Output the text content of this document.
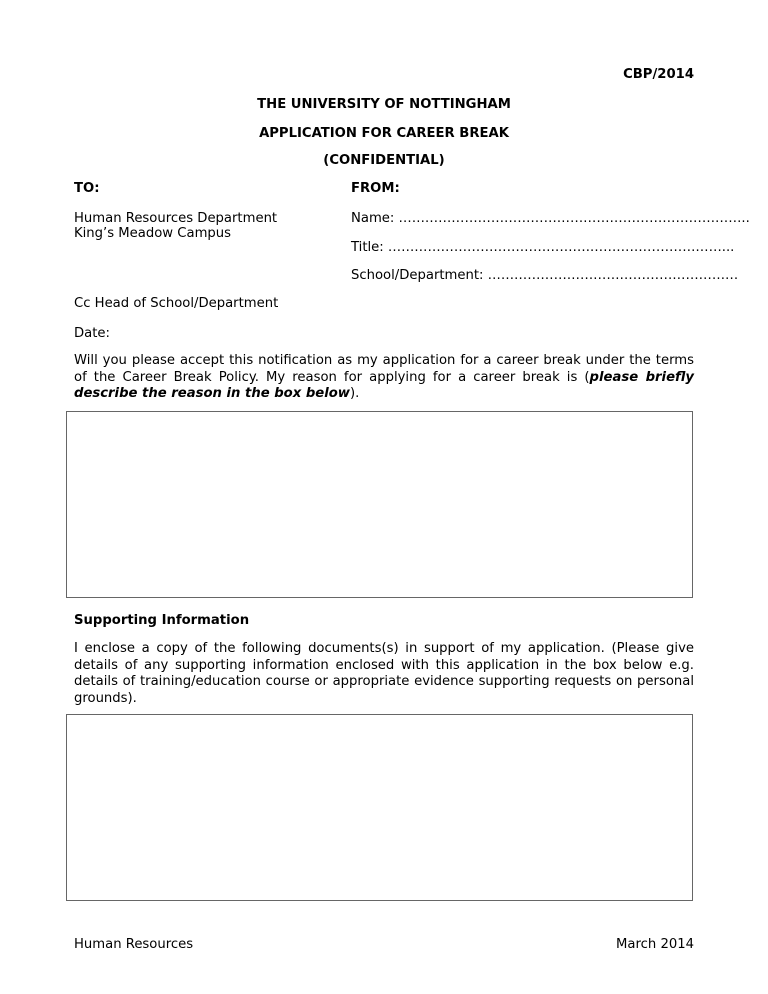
CBP/2014
THE UNIVERSITY OF NOTTINGHAM
APPLICATION FOR CAREER BREAK
(CONFIDENTIAL)
TO:	FROM:
Human Resources Department
King’s Meadow Campus
Name: ……………………………………………………………………..
Title: ……………………………………….…………………………...
School/Department: …………………………………………………
Cc Head of School/Department
Date:
Will you please accept this notification as my application for a career break under the terms of the Career Break Policy. My reason for applying for a career break is (please briefly describe the reason in the box below).
Supporting Information
I enclose a copy of the following documents(s) in support of my application. (Please give details of any supporting information enclosed with this application in the box below e.g. details of training/education course or appropriate evidence supporting requests on personal grounds).
Human Resources	March 2014
